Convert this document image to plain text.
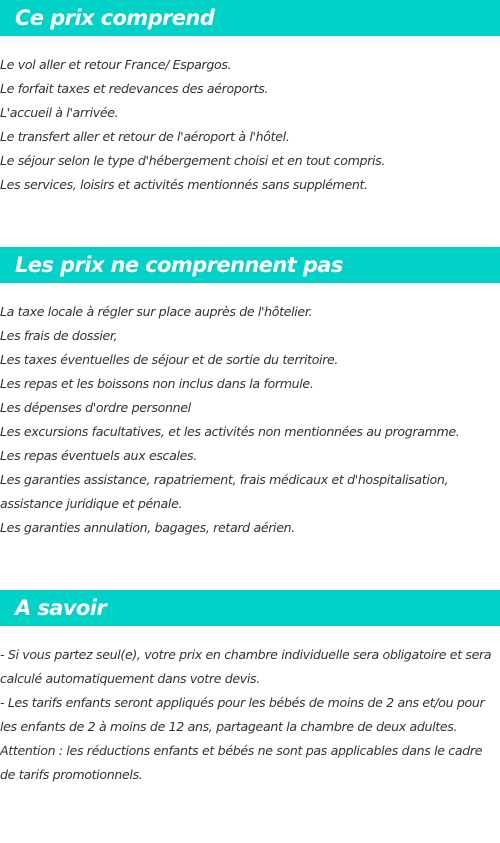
Ce prix comprend
Le vol aller et retour France/ Espargos.
Le forfait taxes et redevances des aéroports.
L'accueil à l'arrivée.
Le transfert aller et retour de l'aéroport à l'hôtel.
Le séjour selon le type d'hébergement choisi et en tout compris.
Les services, loisirs et activités mentionnés sans supplément.
Les prix ne comprennent pas
La taxe locale à régler sur place auprès de l'hôtelier.
Les frais de dossier,
Les taxes éventuelles de séjour et de sortie du territoire.
Les repas et les boissons non inclus dans la formule.
Les dépenses d'ordre personnel
Les excursions facultatives, et les activités non mentionnées au programme.
Les repas éventuels aux escales.
Les garanties assistance, rapatriement, frais médicaux et d'hospitalisation, assistance juridique et pénale.
Les garanties annulation, bagages, retard aérien.
A savoir
- Si vous partez seul(e), votre prix en chambre individuelle sera obligatoire et sera calculé automatiquement dans votre devis.
- Les tarifs enfants seront appliqués pour les bébés de moins de 2 ans et/ou pour les enfants de 2 à moins de 12 ans, partageant la chambre de deux adultes.
Attention : les réductions enfants et bébés ne sont pas applicables dans le cadre de tarifs promotionnels.
